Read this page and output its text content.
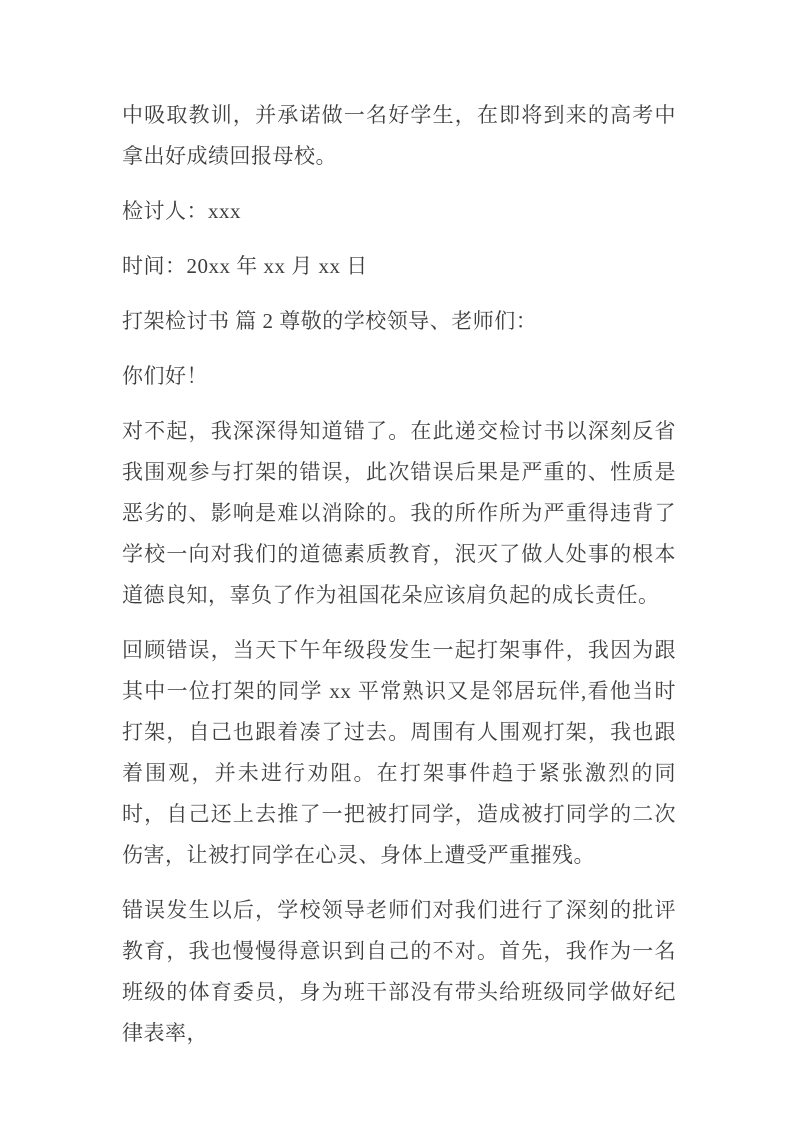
中吸取教训，并承诺做一名好学生，在即将到来的高考中拿出好成绩回报母校。

检讨人：xxx

时间：20xx 年 xx 月 xx 日

打架检讨书 篇 2 尊敬的学校领导、老师们：

你们好！

对不起，我深深得知道错了。在此递交检讨书以深刻反省我围观参与打架的错误，此次错误后果是严重的、性质是恶劣的、影响是难以消除的。我的所作所为严重得违背了学校一向对我们的道德素质教育，泯灭了做人处事的根本道德良知，辜负了作为祖国花朵应该肩负起的成长责任。

回顾错误，当天下午年级段发生一起打架事件，我因为跟其中一位打架的同学 xx 平常熟识又是邻居玩伴,看他当时打架，自己也跟着凑了过去。周围有人围观打架，我也跟着围观，并未进行劝阻。在打架事件趋于紧张激烈的同时，自己还上去推了一把被打同学，造成被打同学的二次伤害，让被打同学在心灵、身体上遭受严重摧残。

错误发生以后，学校领导老师们对我们进行了深刻的批评教育，我也慢慢得意识到自己的不对。首先，我作为一名班级的体育委员，身为班干部没有带头给班级同学做好纪律表率，
